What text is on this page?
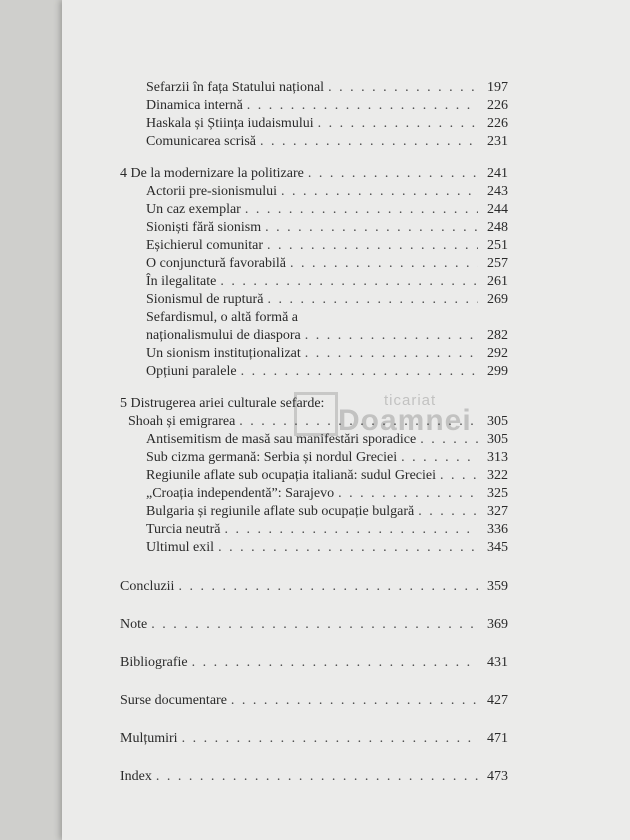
ticariat
Doamnei
Sefarzii în fața Statului național . . .	197
Dinamica internă . . .	226
Haskala și Știința iudaismului . . .	226
Comunicarea scrisă . . .	231
4 De la modernizare la politizare . . .	241
Actorii pre-sionismului . . .	243
Un caz exemplar . . .	244
Sioniști fără sionism . . .	248
Eșichierul comunitar . . .	251
O conjunctură favorabilă . . .	257
În ilegalitate . . .	261
Sionismul de ruptură . . .	269
Sefardismul, o altă formă a
naționalismului de diaspora . . .	282
Un sionism instituționalizat . . .	292
Opțiuni paralele . . .	299
5 Distrugerea ariei culturale sefarde:
Shoah și emigrarea . . .	305
Antisemitism de masă sau manifestări sporadice . . .	305
Sub cizma germană: Serbia și nordul Greciei . . .	313
Regiunile aflate sub ocupația italiană: sudul Greciei . . .	322
„Croația independentă”: Sarajevo . . .	325
Bulgaria și regiunile aflate sub ocupație bulgară . . .	327
Turcia neutră . . .	336
Ultimul exil . . .	345
Concluzii . . .	359
Note . . .	369
Bibliografie . . .	431
Surse documentare . . .	427
Mulțumiri . . .	471
Index . . .	473
